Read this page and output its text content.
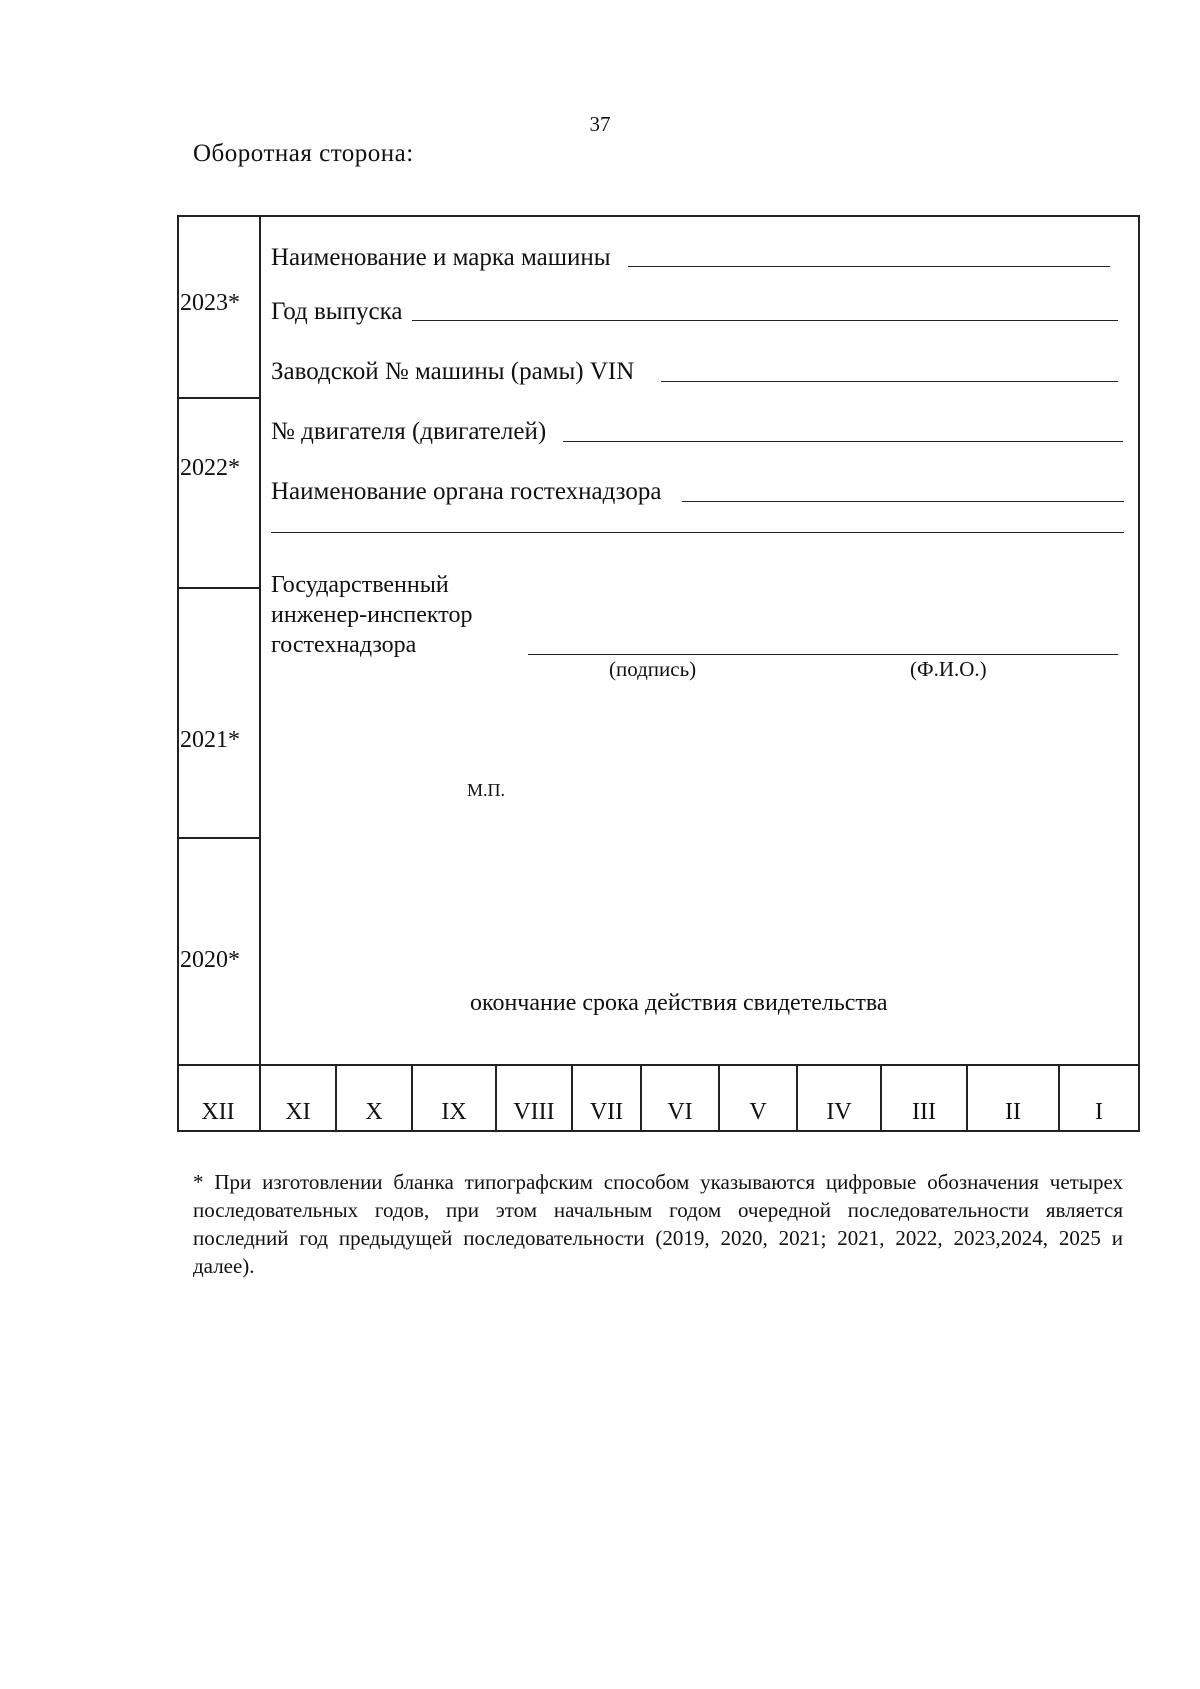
37
Оборотная сторона:
2023*
2022*
2021*
2020*
Наименование и марка машины
Год выпуска
Заводской № машины (рамы) VIN
№ двигателя (двигателей)
Наименование органа гостехнадзора
Государственный
инженер-инспектор
гостехнадзора
(подпись)	(Ф.И.О.)
М.П.
окончание срока действия свидетельства
XII	XI	X	IX	VIII	VII	VI	V	IV	III	II	I
* При изготовлении бланка типографским способом указываются цифровые обозначения четырех последовательных годов, при этом начальным годом очередной последовательности является последний год предыдущей последовательности (2019, 2020, 2021; 2021, 2022, 2023,2024, 2025 и далее).
